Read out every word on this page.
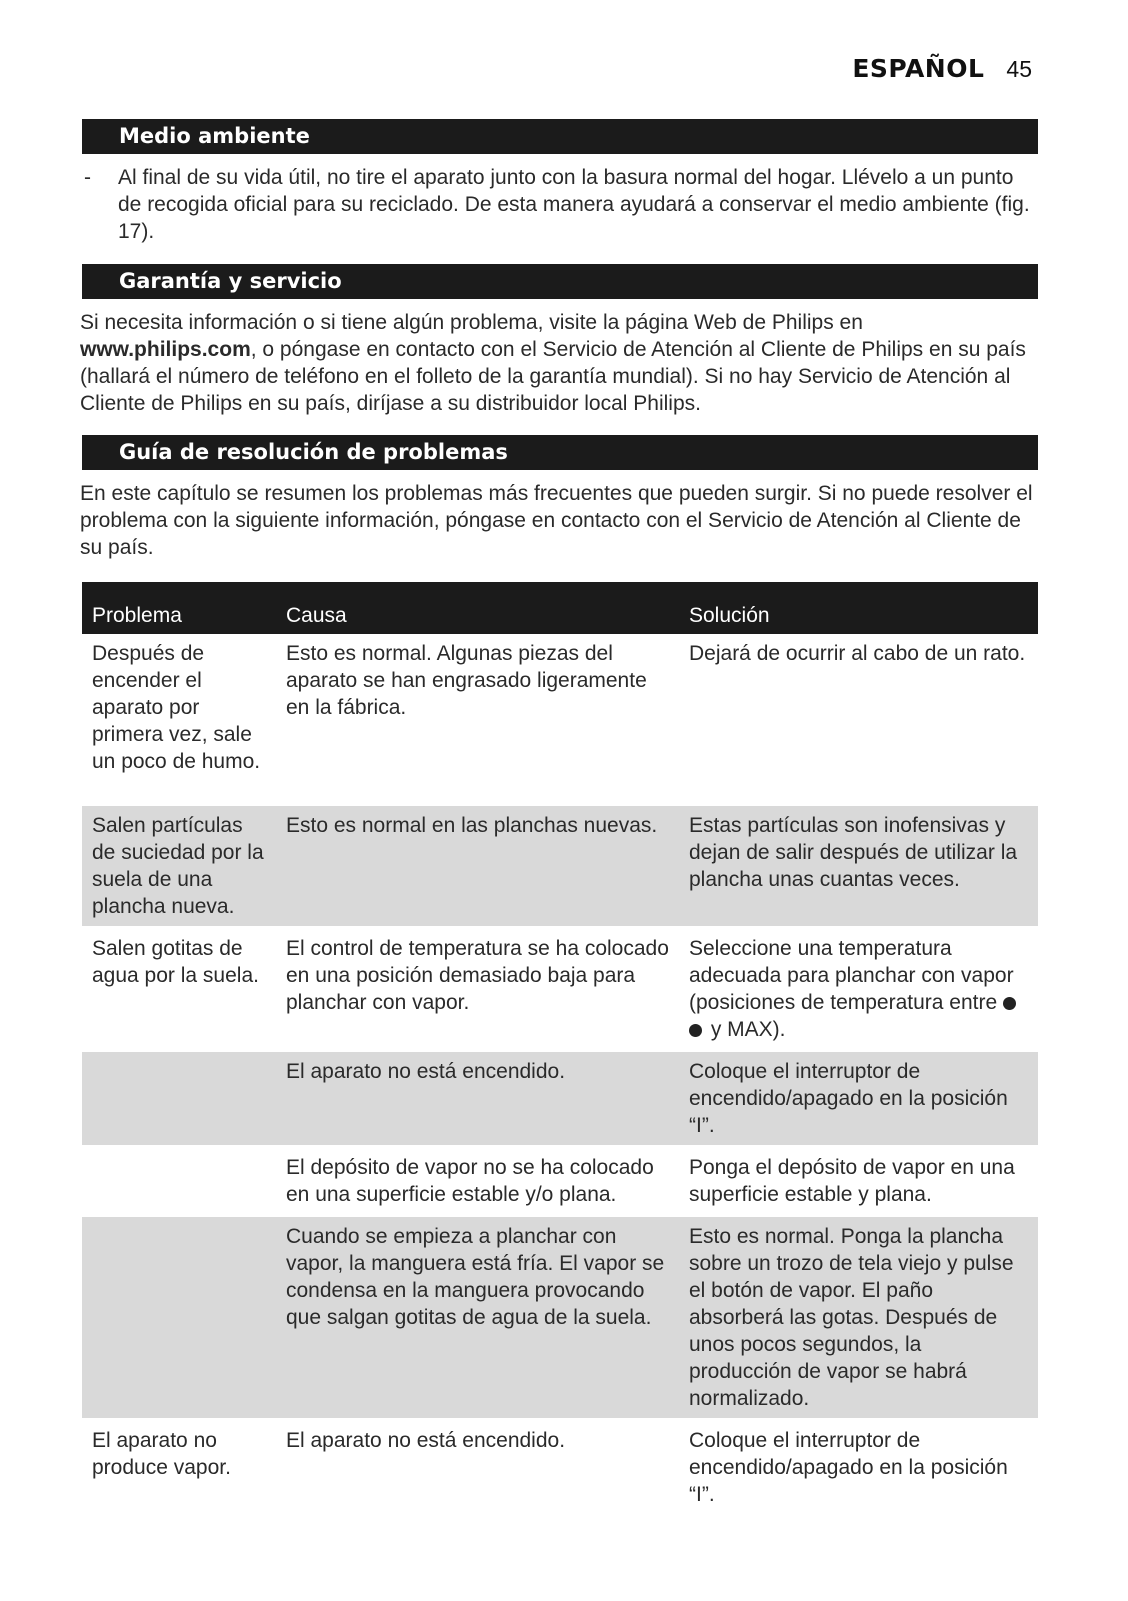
ESPAÑOL 45
Medio ambiente
- Al final de su vida útil, no tire el aparato junto con la basura normal del hogar. Llévelo a un punto de recogida oficial para su reciclado. De esta manera ayudará a conservar el medio ambiente (fig. 17).
Garantía y servicio
Si necesita información o si tiene algún problema, visite la página Web de Philips en www.philips.com, o póngase en contacto con el Servicio de Atención al Cliente de Philips en su país (hallará el número de teléfono en el folleto de la garantía mundial). Si no hay Servicio de Atención al Cliente de Philips en su país, diríjase a su distribuidor local Philips.
Guía de resolución de problemas
En este capítulo se resumen los problemas más frecuentes que pueden surgir. Si no puede resolver el problema con la siguiente información, póngase en contacto con el Servicio de Atención al Cliente de su país.
Problema	Causa	Solución
Después de encender el aparato por primera vez, sale un poco de humo.	Esto es normal. Algunas piezas del aparato se han engrasado ligeramente en la fábrica.	Dejará de ocurrir al cabo de un rato.
Salen partículas de suciedad por la suela de una plancha nueva.	Esto es normal en las planchas nuevas.	Estas partículas son inofensivas y dejan de salir después de utilizar la plancha unas cuantas veces.
Salen gotitas de agua por la suela.	El control de temperatura se ha colocado en una posición demasiado baja para planchar con vapor.	Seleccione una temperatura adecuada para planchar con vapor (posiciones de temperatura entre  y MAX).
	El aparato no está encendido.	Coloque el interruptor de encendido/apagado en la posición “I”.
	El depósito de vapor no se ha colocado en una superficie estable y/o plana.	Ponga el depósito de vapor en una superficie estable y plana.
	Cuando se empieza a planchar con vapor, la manguera está fría. El vapor se condensa en la manguera provocando que salgan gotitas de agua de la suela.	Esto es normal. Ponga la plancha sobre un trozo de tela viejo y pulse el botón de vapor. El paño absorberá las gotas. Después de unos pocos segundos, la producción de vapor se habrá normalizado.
El aparato no produce vapor.	El aparato no está encendido.	Coloque el interruptor de encendido/apagado en la posición “I”.
